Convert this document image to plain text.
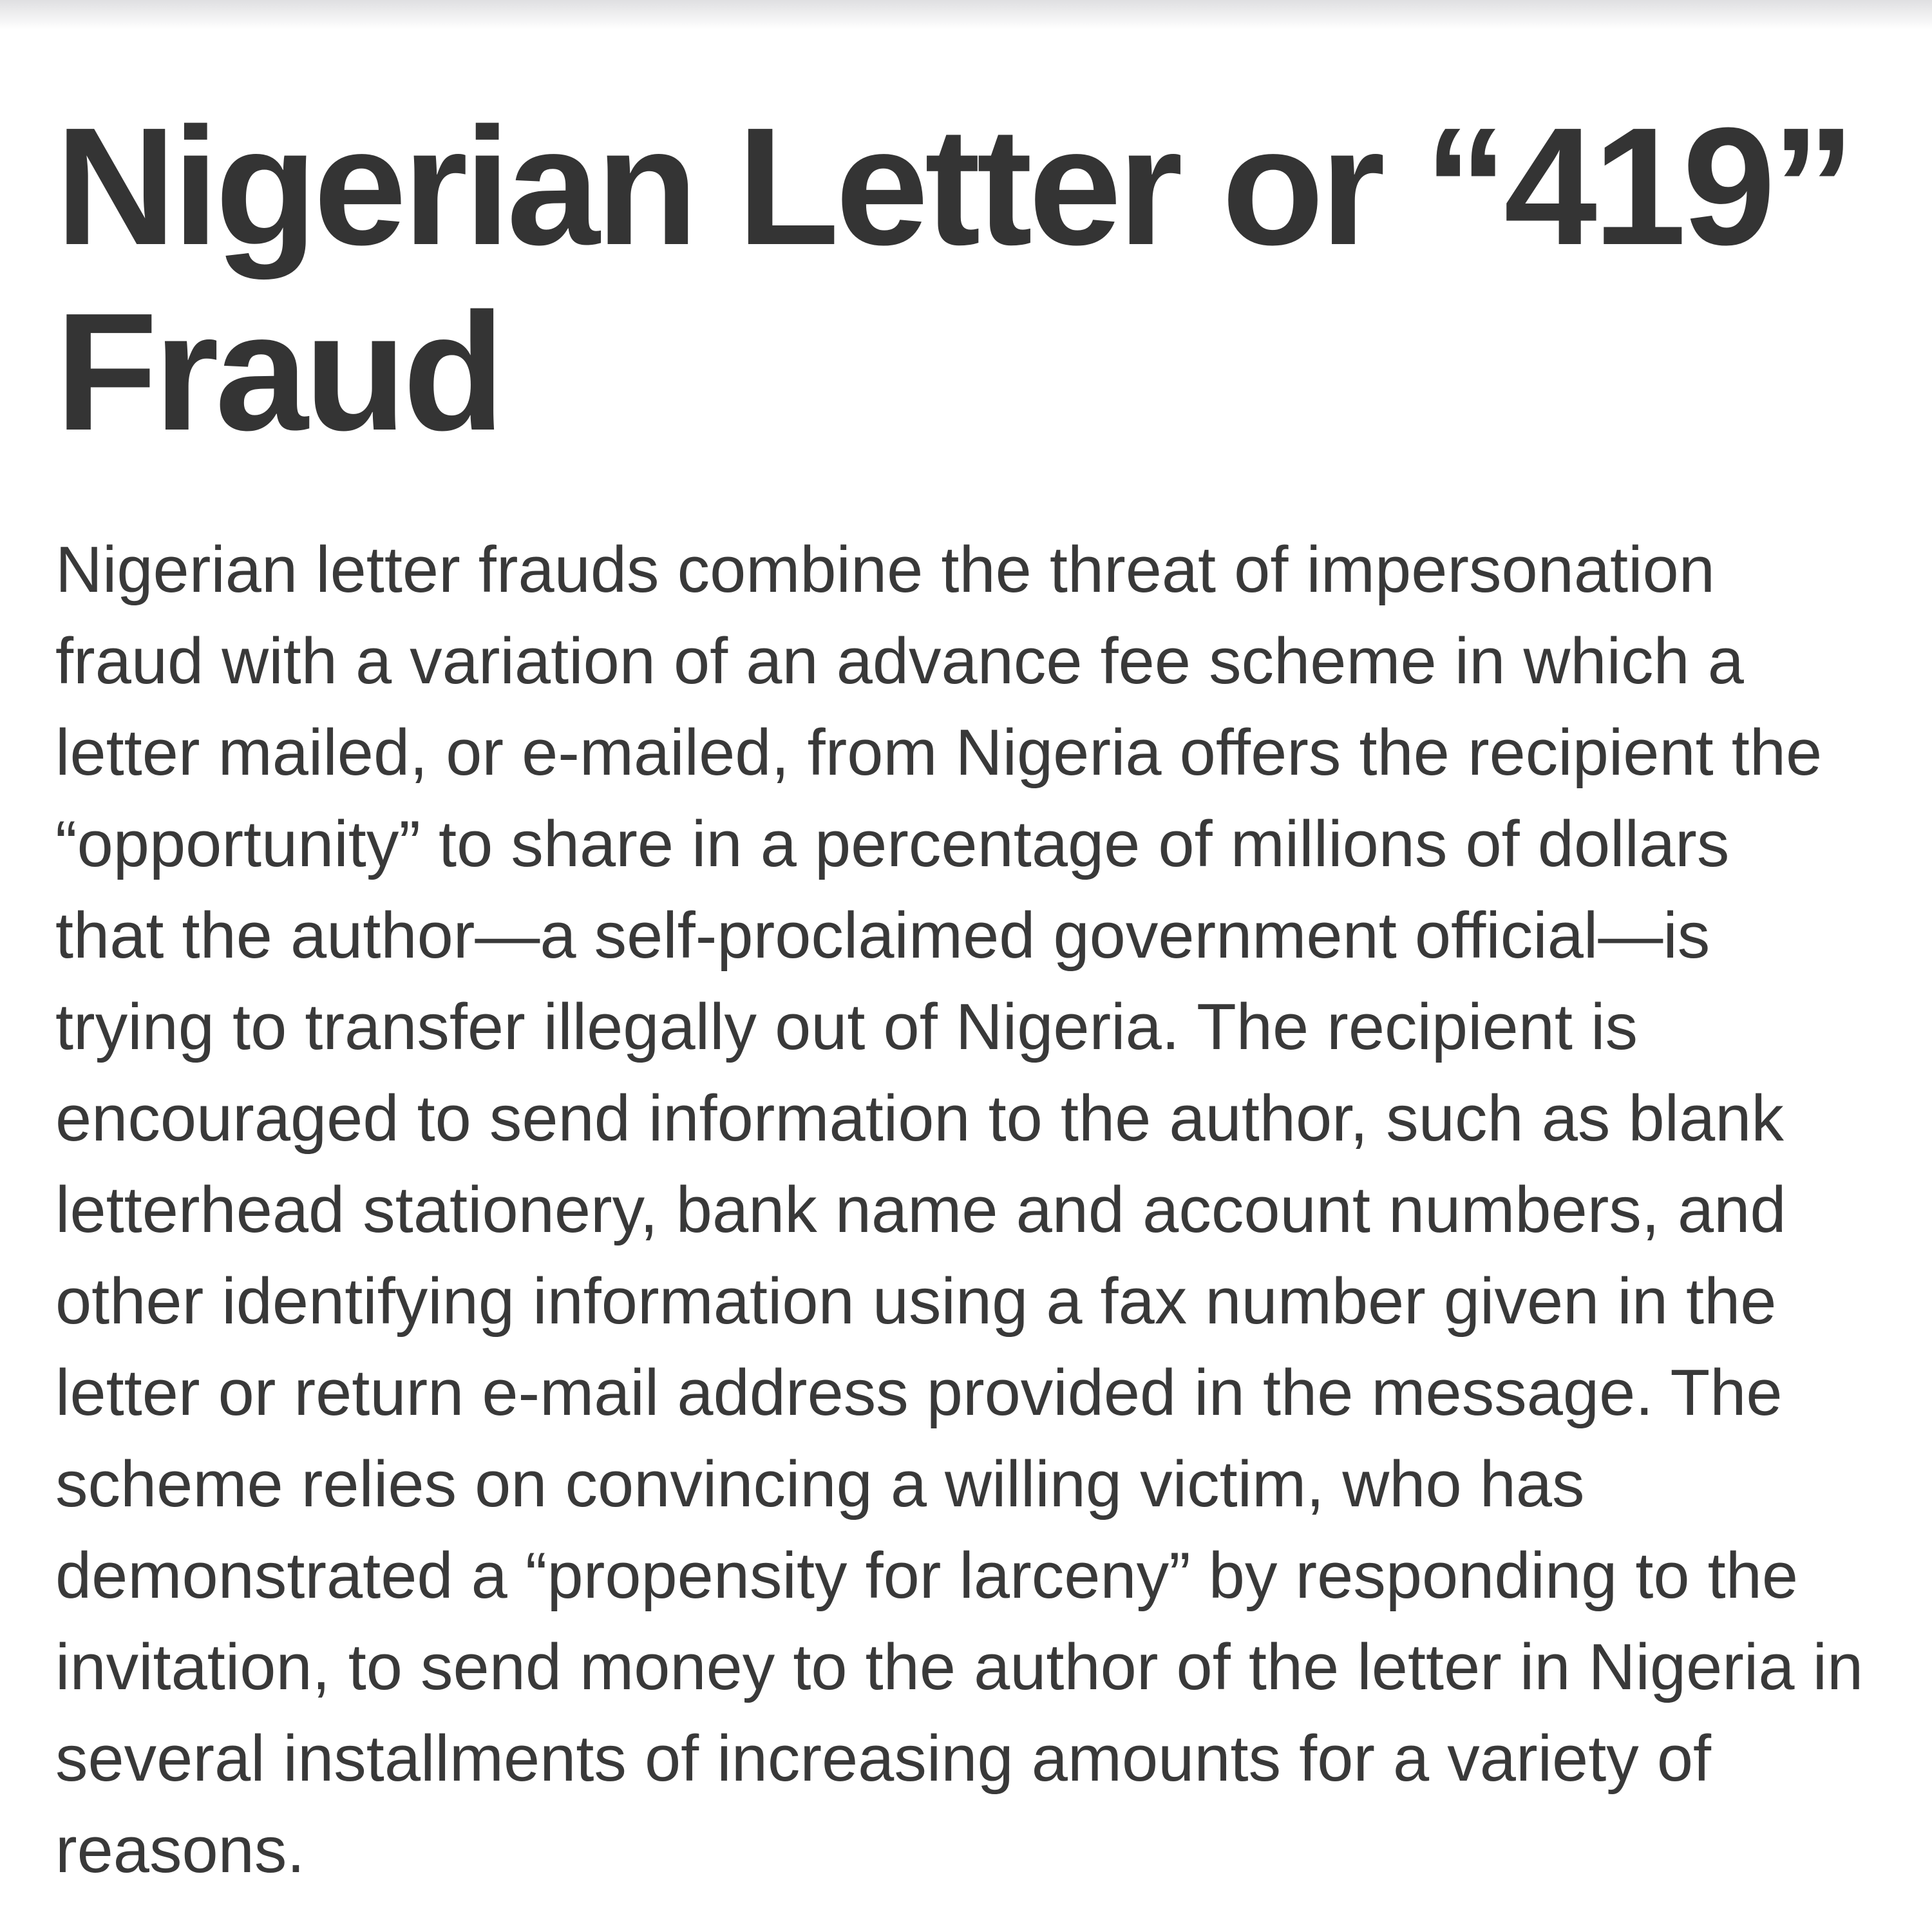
Nigerian Letter or “419”
Fraud

Nigerian letter frauds combine the threat of impersonation
fraud with a variation of an advance fee scheme in which a
letter mailed, or e-mailed, from Nigeria offers the recipient the
“opportunity” to share in a percentage of millions of dollars
that the author—a self-proclaimed government official—is
trying to transfer illegally out of Nigeria. The recipient is
encouraged to send information to the author, such as blank
letterhead stationery, bank name and account numbers, and
other identifying information using a fax number given in the
letter or return e-mail address provided in the message. The
scheme relies on convincing a willing victim, who has
demonstrated a “propensity for larceny” by responding to the
invitation, to send money to the author of the letter in Nigeria in
several installments of increasing amounts for a variety of
reasons.
